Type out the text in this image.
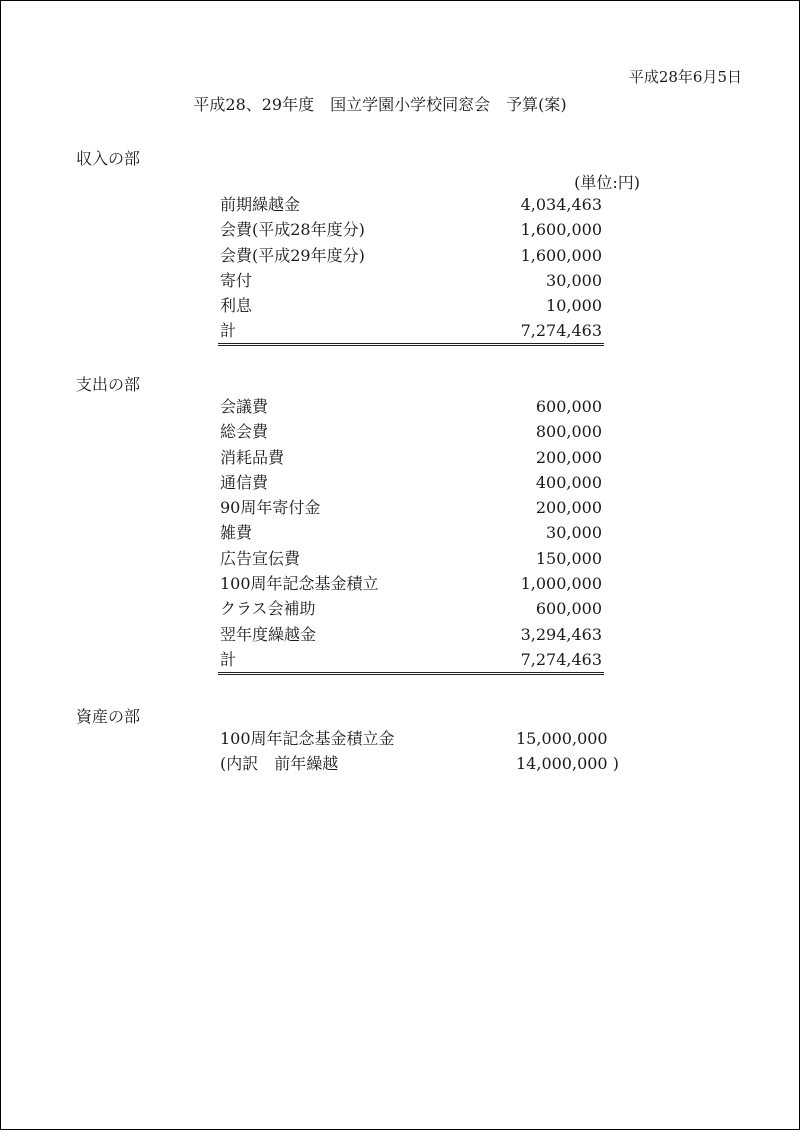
平成28年6月5日
平成28、29年度　国立学園小学校同窓会　予算(案)
収入の部
(単位:円)
前期繰越金	4,034,463
会費(平成28年度分)	1,600,000
会費(平成29年度分)	1,600,000
寄付	30,000
利息	10,000
計	7,274,463
支出の部
会議費	600,000
総会費	800,000
消耗品費	200,000
通信費	400,000
90周年寄付金	200,000
雑費	30,000
広告宣伝費	150,000
100周年記念基金積立	1,000,000
クラス会補助	600,000
翌年度繰越金	3,294,463
計	7,274,463
資産の部
100周年記念基金積立金	15,000,000
(内訳　前年繰越	14,000,000 )
